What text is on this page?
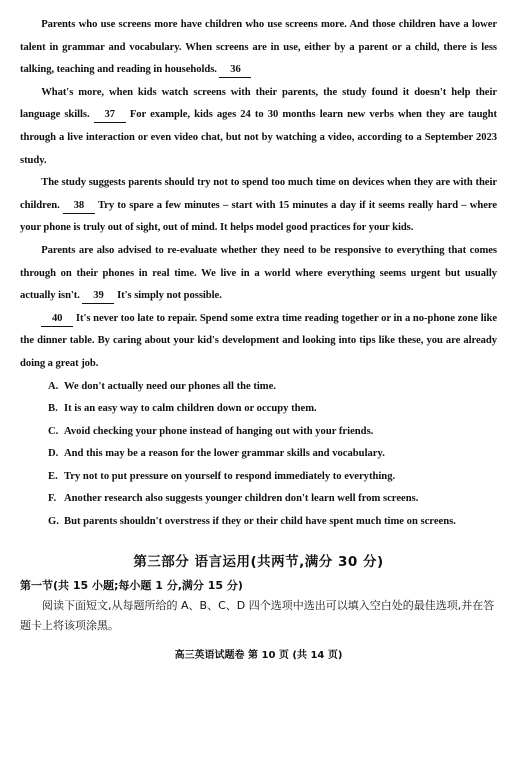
Parents who use screens more have children who use screens more. And those children have a lower talent in grammar and vocabulary. When screens are in use, either by a parent or a child, there is less talking, teaching and reading in households. 36

What's more, when kids watch screens with their parents, the study found it doesn't help their language skills. 37 For example, kids ages 24 to 30 months learn new verbs when they are taught through a live interaction or even video chat, but not by watching a video, according to a September 2023 study.

The study suggests parents should try not to spend too much time on devices when they are with their children. 38 Try to spare a few minutes – start with 15 minutes a day if it seems really hard – where your phone is truly out of sight, out of mind. It helps model good practices for your kids.

Parents are also advised to re-evaluate whether they need to be responsive to everything that comes through on their phones in real time. We live in a world where everything seems urgent but usually actually isn't. 39 It's simply not possible.

40 It's never too late to repair. Spend some extra time reading together or in a no-phone zone like the dinner table. By caring about your kid's development and looking into tips like these, you are already doing a great job.

A. We don't actually need our phones all the time.
B. It is an easy way to calm children down or occupy them.
C. Avoid checking your phone instead of hanging out with your friends.
D. And this may be a reason for the lower grammar skills and vocabulary.
E. Try not to put pressure on yourself to respond immediately to everything.
F. Another research also suggests younger children don't learn well from screens.
G. But parents shouldn't overstress if they or their child have spent much time on screens.
第三部分 语言运用(共两节,满分 30 分)
第一节(共 15 小题;每小题 1 分,满分 15 分)

阅读下面短文,从每题所给的 A、B、C、D 四个选项中选出可以填入空白处的最佳选项,并在答题卡上将该项涂黑。

高三英语试题卷 第 10 页 (共 14 页)
